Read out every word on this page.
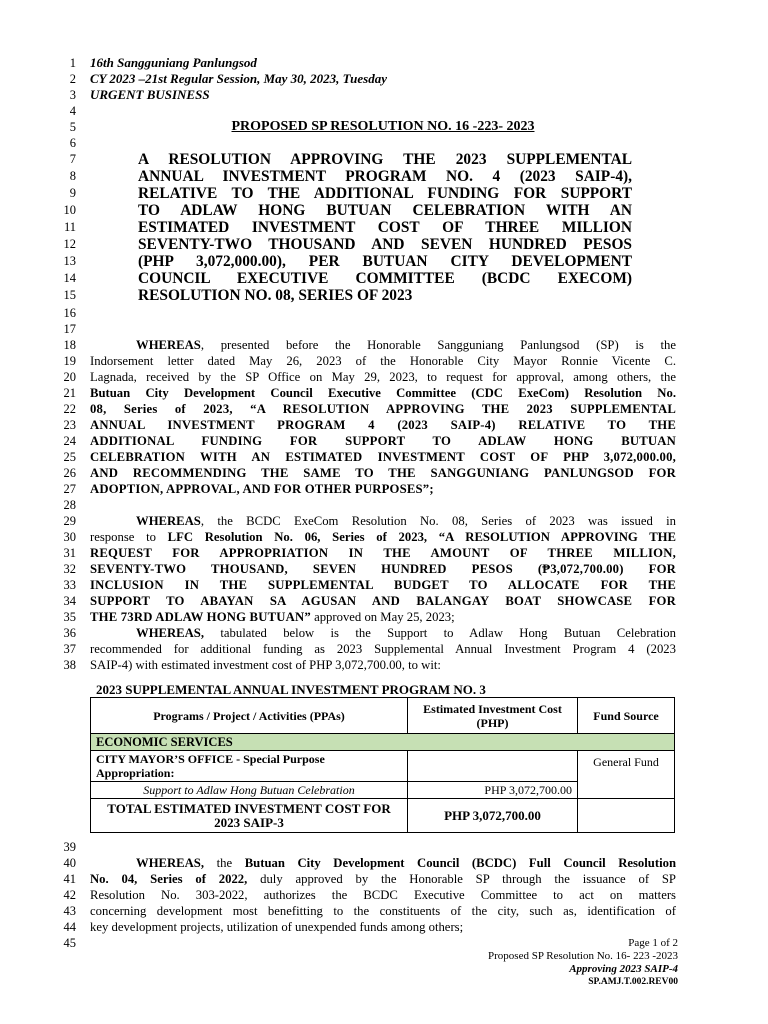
1
2
3
4
5
6
7
8
9
10
11
12
13
14
15
16
17
18
19
20
21
22
23
24
25
26
27
28
29
30
31
32
33
34
35
36
37
38
39
40
41
42
43
44
45
16th Sangguniang Panlungsod
CY 2023 –21st Regular Session, May 30, 2023, Tuesday
URGENT BUSINESS
PROPOSED SP RESOLUTION NO. 16 -223- 2023
A RESOLUTION APPROVING THE 2023 SUPPLEMENTAL
ANNUAL INVESTMENT PROGRAM NO. 4 (2023 SAIP-4),
RELATIVE TO THE ADDITIONAL FUNDING FOR SUPPORT
TO ADLAW HONG BUTUAN CELEBRATION WITH AN
ESTIMATED INVESTMENT COST OF THREE MILLION
SEVENTY-TWO THOUSAND AND SEVEN HUNDRED PESOS
(PHP 3,072,000.00), PER BUTUAN CITY DEVELOPMENT
COUNCIL EXECUTIVE COMMITTEE (BCDC EXECOM)
RESOLUTION NO. 08, SERIES OF 2023
WHEREAS, presented before the Honorable Sangguniang Panlungsod (SP) is the
Indorsement letter dated May 26, 2023 of the Honorable City Mayor Ronnie Vicente C.
Lagnada, received by the SP Office on May 29, 2023, to request for approval, among others, the
Butuan City Development Council Executive Committee (CDC ExeCom) Resolution No.
08, Series of 2023, “A RESOLUTION APPROVING THE 2023 SUPPLEMENTAL
ANNUAL INVESTMENT PROGRAM 4 (2023 SAIP-4) RELATIVE TO THE
ADDITIONAL FUNDING FOR SUPPORT TO ADLAW HONG BUTUAN
CELEBRATION WITH AN ESTIMATED INVESTMENT COST OF PHP 3,072,000.00,
AND RECOMMENDING THE SAME TO THE SANGGUNIANG PANLUNGSOD FOR
ADOPTION, APPROVAL, AND FOR OTHER PURPOSES”;
WHEREAS, the BCDC ExeCom Resolution No. 08, Series of 2023 was issued in
response to LFC Resolution No. 06, Series of 2023, “A RESOLUTION APPROVING THE
REQUEST FOR APPROPRIATION IN THE AMOUNT OF THREE MILLION,
SEVENTY-TWO THOUSAND, SEVEN HUNDRED PESOS (₱3,072,700.00) FOR
INCLUSION IN THE SUPPLEMENTAL BUDGET TO ALLOCATE FOR THE
SUPPORT TO ABAYAN SA AGUSAN AND BALANGAY BOAT SHOWCASE FOR
THE 73RD ADLAW HONG BUTUAN” approved on May 25, 2023;
WHEREAS, tabulated below is the Support to Adlaw Hong Butuan Celebration
recommended for additional funding as 2023 Supplemental Annual Investment Program 4 (2023
SAIP-4) with estimated investment cost of PHP 3,072,700.00, to wit:
2023 SUPPLEMENTAL ANNUAL INVESTMENT PROGRAM NO. 3
Programs / Project / Activities (PPAs)	Estimated Investment Cost (PHP)	Fund Source
ECONOMIC SERVICES		
CITY MAYOR’S OFFICE - Special Purpose Appropriation:		General Fund
Support to Adlaw Hong Butuan Celebration	PHP 3,072,700.00	
TOTAL ESTIMATED INVESTMENT COST FOR 2023 SAIP-3	PHP 3,072,700.00	
WHEREAS, the Butuan City Development Council (BCDC) Full Council Resolution
No. 04, Series of 2022, duly approved by the Honorable SP through the issuance of SP
Resolution No. 303-2022, authorizes the BCDC Executive Committee to act on matters
concerning development most benefitting to the constituents of the city, such as, identification of
key development projects, utilization of unexpended funds among others;
Page 1 of 2
Proposed SP Resolution No. 16- 223 -2023
Approving 2023 SAIP-4
SP.AMJ.T.002.REV00
